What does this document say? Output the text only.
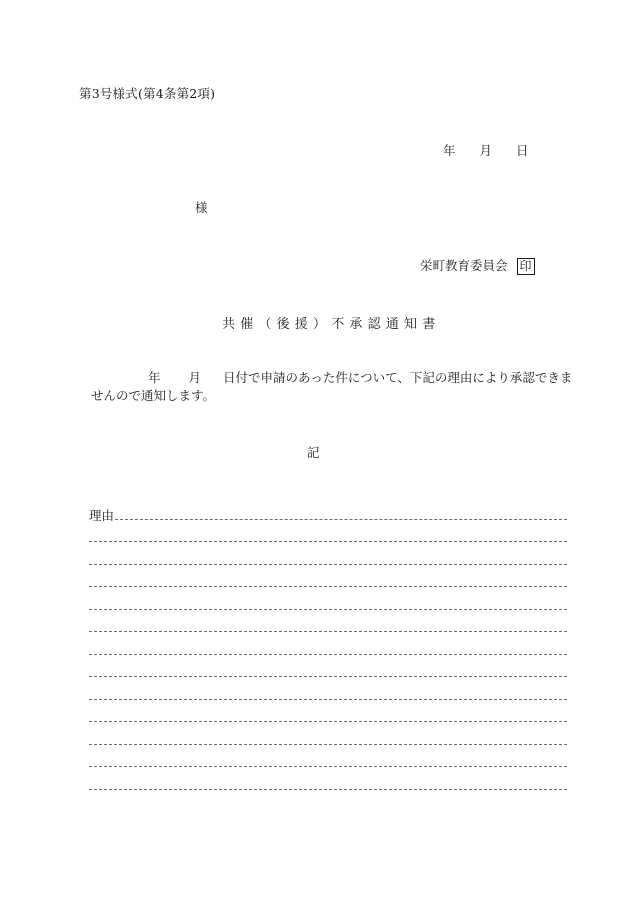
第3号様式(第4条第2項)
年 月 日
様
栄町教育委員会 印
共催（後援）不承認通知書
年 月 日付で申請のあった件について、下記の理由により承認できま
せんので通知します。
記
理由
